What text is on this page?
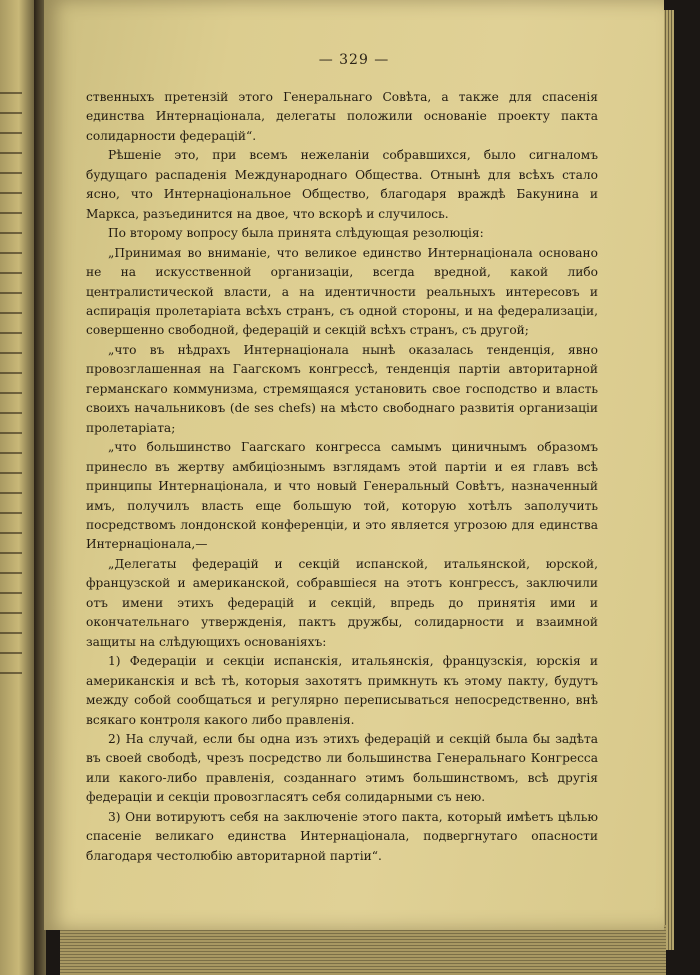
— 329 —

ственныхъ претензій этого Генеральнаго Совѣта, а также для спасенія единства Интернаціонала, делегаты положили основаніе проекту пакта солидарности федерацій“.

Рѣшеніе это, при всемъ нежеланіи собравшихся, было сигналомъ будущаго распаденія Международнаго Общества. Отнынѣ для всѣхъ стало ясно, что Интернаціональное Общество, благодаря враждѣ Бакунина и Маркса, разъединится на двое, что вскорѣ и случилось.

По второму вопросу была принята слѣдующая резолюція:

„Принимая во вниманіе, что великое единство Интернаціонала основано не на искусственной организаціи, всегда вредной, какой либо централистической власти, а на идентичности реальныхъ интересовъ и аспирація пролетаріата всѣхъ странъ, съ одной стороны, и на федерализаціи, совершенно свободной, федерацій и секцій всѣхъ странъ, съ другой;

„что въ нѣдрахъ Интернаціонала нынѣ оказалась тенденція, явно провозглашенная на Гаагскомъ конгрессѣ, тенденція партіи авторитарной германскаго коммунизма, стремящаяся установить свое господство и власть своихъ начальниковъ (de ses chefs) на мѣсто свободнаго развитія организаціи пролетаріата;

„что большинство Гаагскаго конгресса самымъ циничнымъ образомъ принесло въ жертву амбиціознымъ взглядамъ этой партіи и ея главъ всѣ принципы Интернаціонала, и что новый Генеральный Совѣтъ, назначенный имъ, получилъ власть еще большую той, которую хотѣлъ заполучить посредствомъ лондонской конференціи, и это является угрозою для единства Интернаціонала,—

„Делегаты федерацій и секцій испанской, итальянской, юрской, французской и американской, собравшіеся на этотъ конгрессъ, заключили отъ имени этихъ федерацій и секцій, впредь до принятія ими и окончательнаго утвержденія, пактъ дружбы, солидарности и взаимной защиты на слѣдующихъ основаніяхъ:

1) Федераціи и секціи испанскія, итальянскія, французскія, юрскія и американскія и всѣ тѣ, которыя захотятъ примкнуть къ этому пакту, будутъ между собой сообщаться и регулярно переписываться непосредственно, внѣ всякаго контроля какого либо правленія.

2) На случай, если бы одна изъ этихъ федерацій и секцій была бы задѣта въ своей свободѣ, чрезъ посредство ли большинства Генеральнаго Конгресса или какого-либо правленія, созданнаго этимъ большинствомъ, всѣ другія федераціи и секціи провозгласятъ себя солидарными съ нею.

3) Они вотируютъ себя на заключеніе этого пакта, который имѣетъ цѣлью спасеніе великаго единства Интернаціонала, подвергнутаго опасности благодаря честолюбію авторитарной партіи“.
